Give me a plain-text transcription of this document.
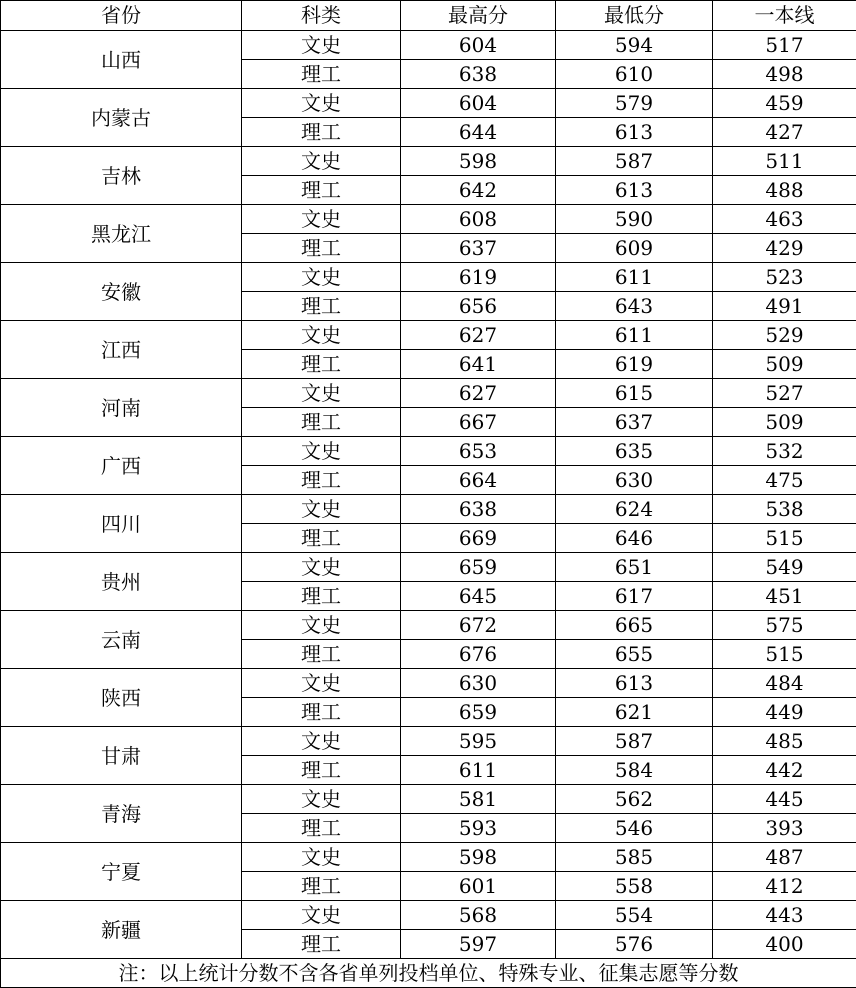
省份	科类	最高分	最低分	一本线
山西	文史	604	594	517
	理工	638	610	498
内蒙古	文史	604	579	459
	理工	644	613	427
吉林	文史	598	587	511
	理工	642	613	488
黑龙江	文史	608	590	463
	理工	637	609	429
安徽	文史	619	611	523
	理工	656	643	491
江西	文史	627	611	529
	理工	641	619	509
河南	文史	627	615	527
	理工	667	637	509
广西	文史	653	635	532
	理工	664	630	475
四川	文史	638	624	538
	理工	669	646	515
贵州	文史	659	651	549
	理工	645	617	451
云南	文史	672	665	575
	理工	676	655	515
陕西	文史	630	613	484
	理工	659	621	449
甘肃	文史	595	587	485
	理工	611	584	442
青海	文史	581	562	445
	理工	593	546	393
宁夏	文史	598	585	487
	理工	601	558	412
新疆	文史	568	554	443
	理工	597	576	400
注：以上统计分数不含各省单列投档单位、特殊专业、征集志愿等分数				
